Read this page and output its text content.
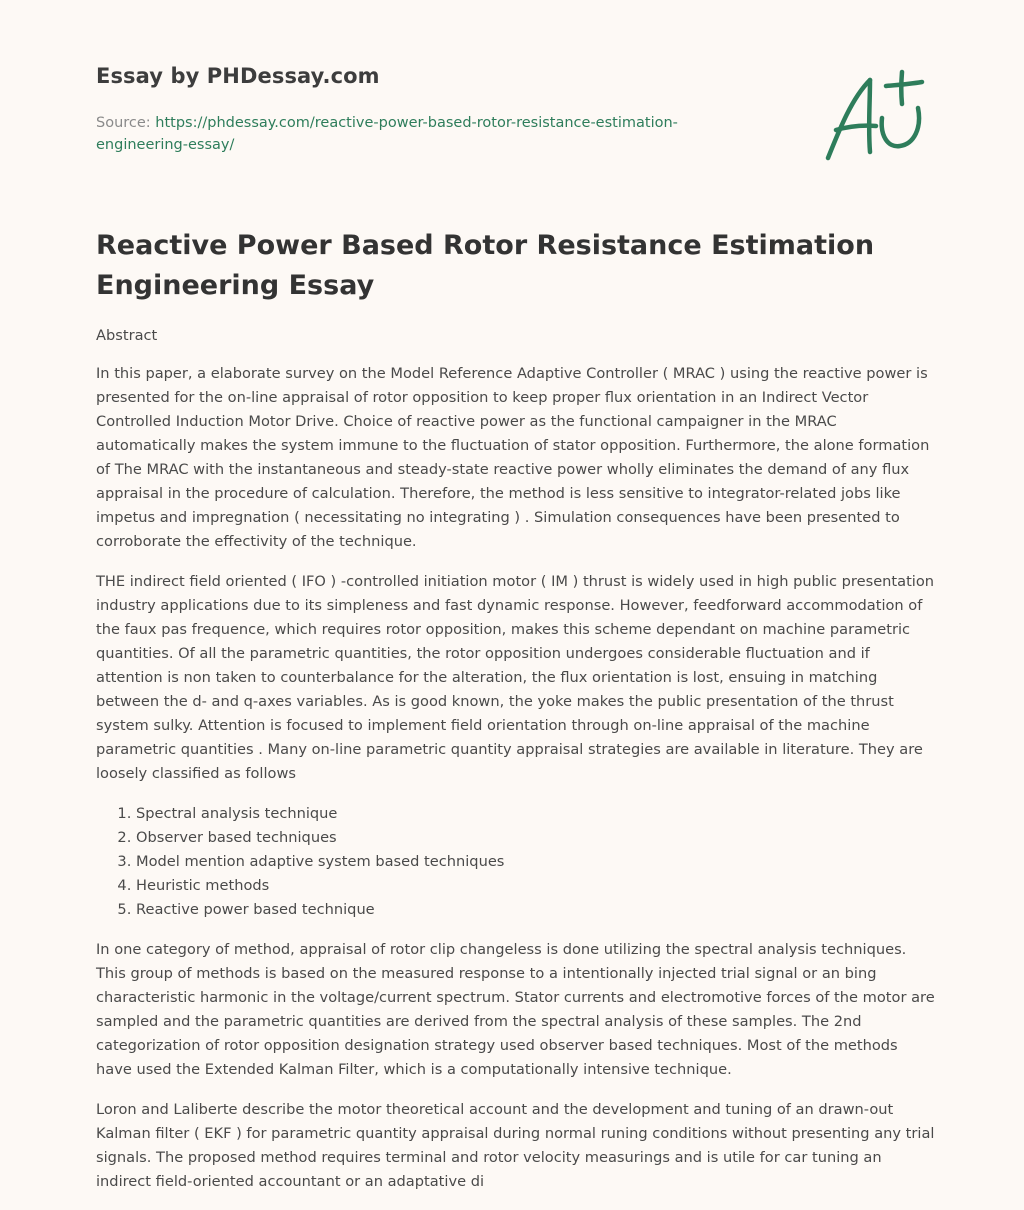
Essay by PHDessay.com
Source: https://phdessay.com/reactive-power-based-rotor-resistance-estimation-engineering-essay/
Reactive Power Based Rotor Resistance Estimation Engineering Essay

Abstract

In this paper, a elaborate survey on the Model Reference Adaptive Controller ( MRAC ) using the reactive power is presented for the on-line appraisal of rotor opposition to keep proper flux orientation in an Indirect Vector Controlled Induction Motor Drive. Choice of reactive power as the functional campaigner in the MRAC automatically makes the system immune to the fluctuation of stator opposition. Furthermore, the alone formation of The MRAC with the instantaneous and steady-state reactive power wholly eliminates the demand of any flux appraisal in the procedure of calculation. Therefore, the method is less sensitive to integrator-related jobs like impetus and impregnation ( necessitating no integrating ) . Simulation consequences have been presented to corroborate the effectivity of the technique.

THE indirect field oriented ( IFO ) -controlled initiation motor ( IM ) thrust is widely used in high public presentation industry applications due to its simpleness and fast dynamic response. However, feedforward accommodation of the faux pas frequence, which requires rotor opposition, makes this scheme dependant on machine parametric quantities. Of all the parametric quantities, the rotor opposition undergoes considerable fluctuation and if attention is non taken to counterbalance for the alteration, the flux orientation is lost, ensuing in matching between the d- and q-axes variables. As is good known, the yoke makes the public presentation of the thrust system sulky. Attention is focused to implement field orientation through on-line appraisal of the machine parametric quantities . Many on-line parametric quantity appraisal strategies are available in literature. They are loosely classified as follows

1. Spectral analysis technique
2. Observer based techniques
3. Model mention adaptive system based techniques
4. Heuristic methods
5. Reactive power based technique

In one category of method, appraisal of rotor clip changeless is done utilizing the spectral analysis techniques. This group of methods is based on the measured response to a intentionally injected trial signal or an bing characteristic harmonic in the voltage/current spectrum. Stator currents and electromotive forces of the motor are sampled and the parametric quantities are derived from the spectral analysis of these samples. The 2nd categorization of rotor opposition designation strategy used observer based techniques. Most of the methods have used the Extended Kalman Filter, which is a computationally intensive technique.

Loron and Laliberte describe the motor theoretical account and the development and tuning of an drawn-out Kalman filter ( EKF ) for parametric quantity appraisal during normal runing conditions without presenting any trial signals. The proposed method requires terminal and rotor velocity measurings and is utile for car tuning an indirect field-oriented accountant or an adaptative di
